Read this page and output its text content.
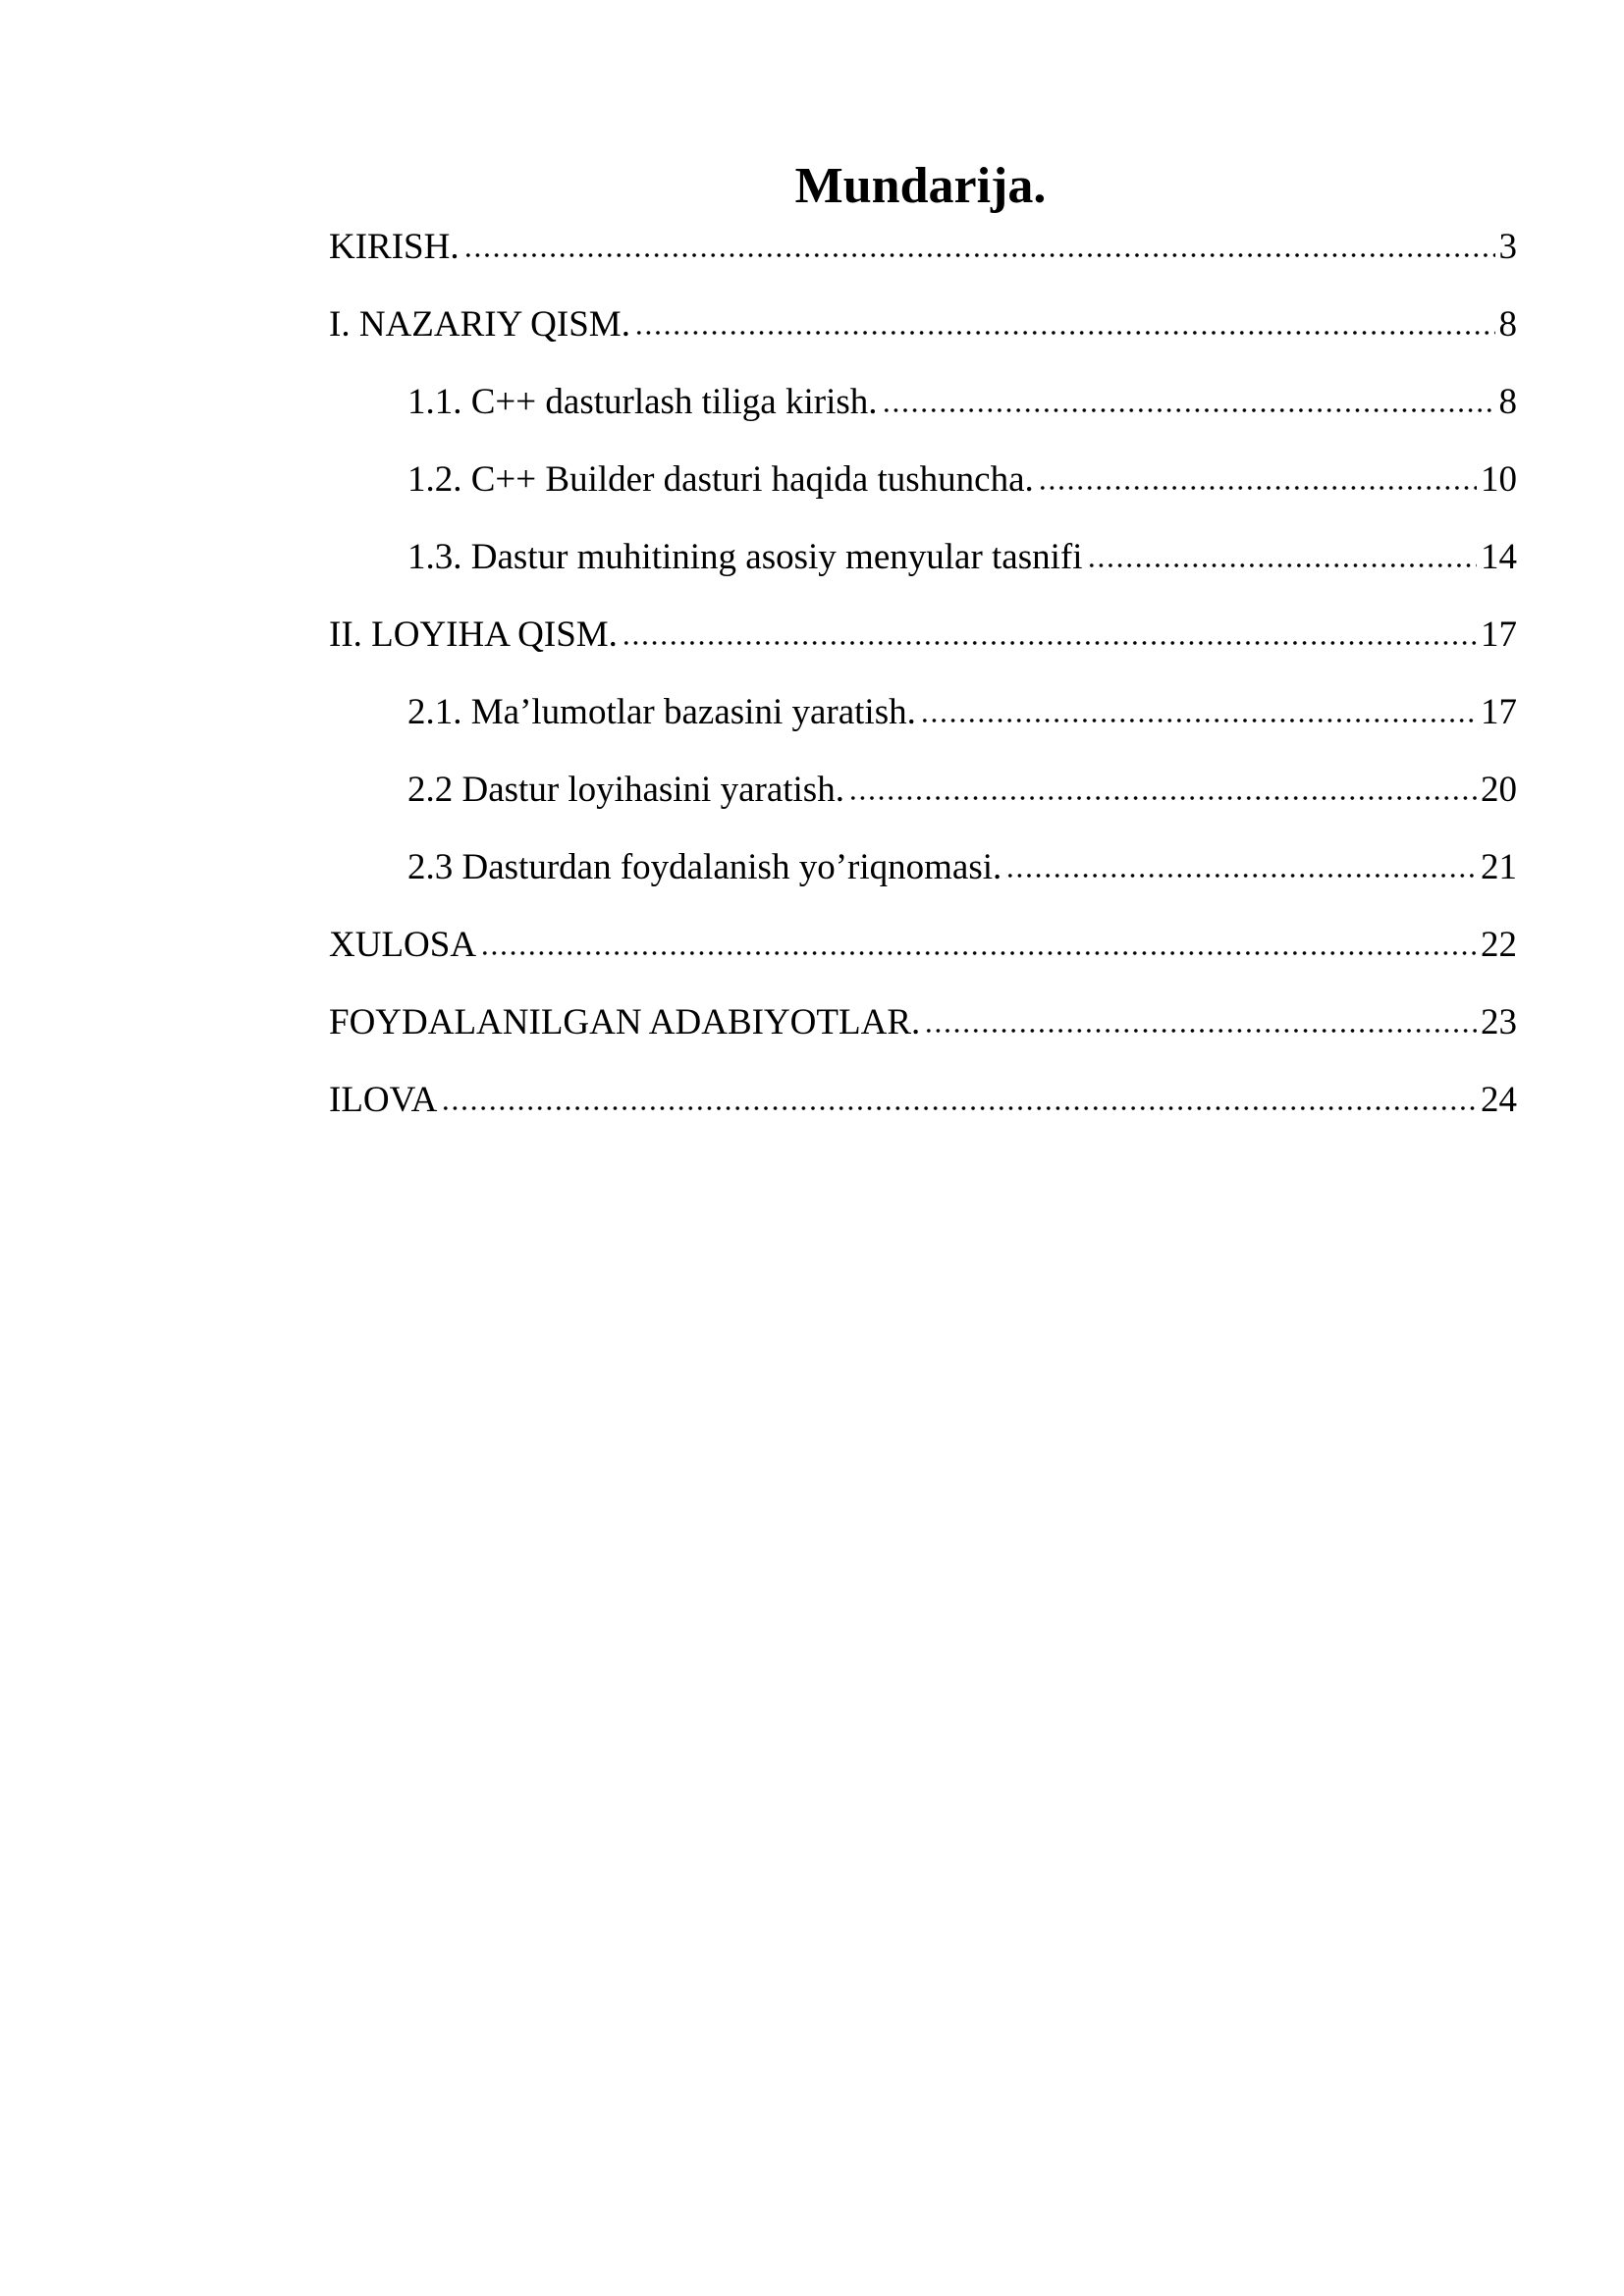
Mundarija.
KIRISH.	3
I. NAZARIY QISM.	8
1.1. C++ dasturlash tiliga kirish.	8
1.2. C++ Builder dasturi haqida tushuncha.	10
1.3. Dastur muhitining asosiy menyular tasnifi	14
II. LOYIHA QISM.	17
2.1. Ma’lumotlar bazasini yaratish.	17
2.2 Dastur loyihasini yaratish.	20
2.3 Dasturdan foydalanish yo’riqnomasi.	21
XULOSA	22
FOYDALANILGAN ADABIYOTLAR.	23
ILOVA	24
